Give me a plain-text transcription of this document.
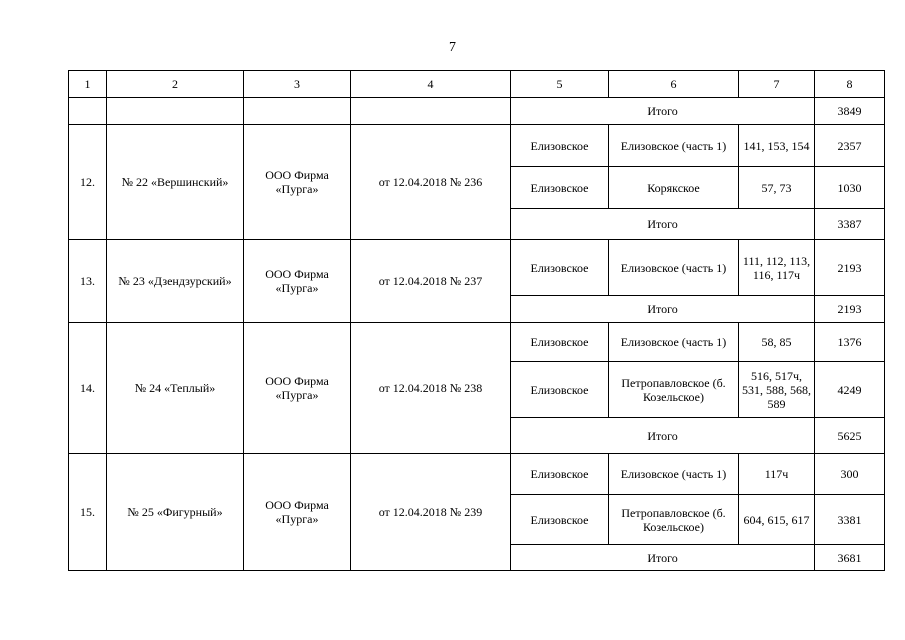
7
1	2	3	4	5	6	7	8
				Итого			3849
12.	№ 22 «Вершинский»	ООО Фирма «Пурга»	от 12.04.2018 № 236	Елизовское	Елизовское (часть 1)	141, 153, 154	2357
				Елизовское	Корякское	57, 73	1030
				Итого			3387
13.	№ 23 «Дзендзурский»	ООО Фирма «Пурга»	от 12.04.2018 № 237	Елизовское	Елизовское (часть 1)	111, 112, 113, 116, 117ч	2193
				Итого			2193
14.	№ 24 «Теплый»	ООО Фирма «Пурга»	от 12.04.2018 № 238	Елизовское	Елизовское (часть 1)	58, 85	1376
				Елизовское	Петропавловское (б. Козельское)	516, 517ч, 531, 588, 568, 589	4249
				Итого			5625
15.	№ 25 «Фигурный»	ООО Фирма «Пурга»	от 12.04.2018 № 239	Елизовское	Елизовское (часть 1)	117ч	300
				Елизовское	Петропавловское (б. Козельское)	604, 615, 617	3381
				Итого			3681
